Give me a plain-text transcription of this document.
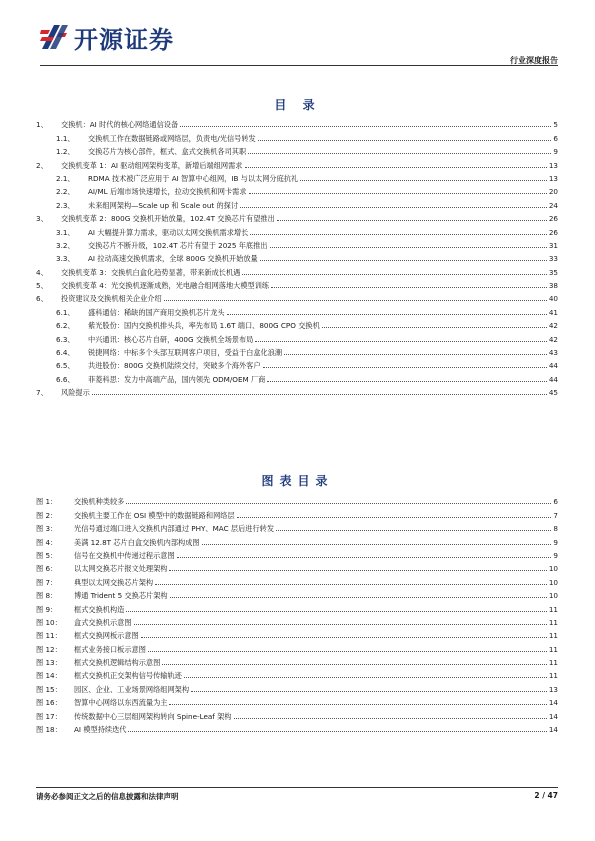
开源证券
行业深度报告
目 录
1、	交换机：AI 时代的核心网络通信设备	5
1.1、	交换机工作在数据链路或网络层，负责电/光信号转发	6
1.2、	交换芯片为核心部件，框式、盒式交换机各司其职	9
2、	交换机变革 1：AI 驱动组网架构变革，新增后端组网需求	13
2.1、	RDMA 技术被广泛应用于 AI 智算中心组网，IB 与以太网分庭抗礼	13
2.2、	AI/ML 后端市场快速增长，拉动交换机和网卡需求	20
2.3、	未来组网架构—Scale up 和 Scale out 的探讨	24
3、	交换机变革 2：800G 交换机开始放量，102.4T 交换芯片有望推出	26
3.1、	AI 大幅提升算力需求，驱动以太网交换机需求增长	26
3.2、	交换芯片不断升级，102.4T 芯片有望于 2025 年底推出	31
3.3、	AI 拉动高速交换机需求，全球 800G 交换机开始放量	33
4、	交换机变革 3：交换机白盒化趋势显著，带来新成长机遇	35
5、	交换机变革 4：光交换机逐渐成熟，光电融合组网落地大模型训练	38
6、	投资建议及交换机相关企业介绍	40
6.1、	盛科通信：稀缺的国产商用交换机芯片龙头	41
6.2、	紫光股份：国内交换机排头兵，率先布局 1.6T 端口、800G CPO 交换机	42
6.3、	中兴通讯：核心芯片自研，400G 交换机全场景布局	42
6.4、	锐捷网络：中标多个头部互联网客户项目，受益于白盒化浪潮	43
6.5、	共进股份：800G 交换机陆续交付，突破多个海外客户	44
6.6、	菲菱科思：发力中高端产品，国内领先 ODM/OEM 厂商	44
7、	风险提示	45
图表目录
图 1：	交换机种类较多	6
图 2：	交换机主要工作在 OSI 模型中的数据链路和网络层	7
图 3：	光信号通过端口进入交换机内部通过 PHY、MAC 层后进行转发	8
图 4：	美满 12.8T 芯片白盒交换机内部构成图	9
图 5：	信号在交换机中传递过程示意图	9
图 6：	以太网交换芯片报文处理架构	10
图 7：	典型以太网交换芯片架构	10
图 8：	博通 Trident 5 交换芯片架构	10
图 9：	框式交换机构造	11
图 10：	盒式交换机示意图	11
图 11：	框式交换网板示意图	11
图 12：	框式业务接口板示意图	11
图 13：	框式交换机逻辑结构示意图	11
图 14：	框式交换机正交架构信号传输轨迹	11
图 15：	园区、企业、工业场景网络组网架构	13
图 16：	智算中心网络以东西流量为主	14
图 17：	传统数据中心三层组网架构转向 Spine-Leaf 架构	14
图 18：	AI 模型持续迭代	14
请务必参阅正文之后的信息披露和法律声明	2 / 47
